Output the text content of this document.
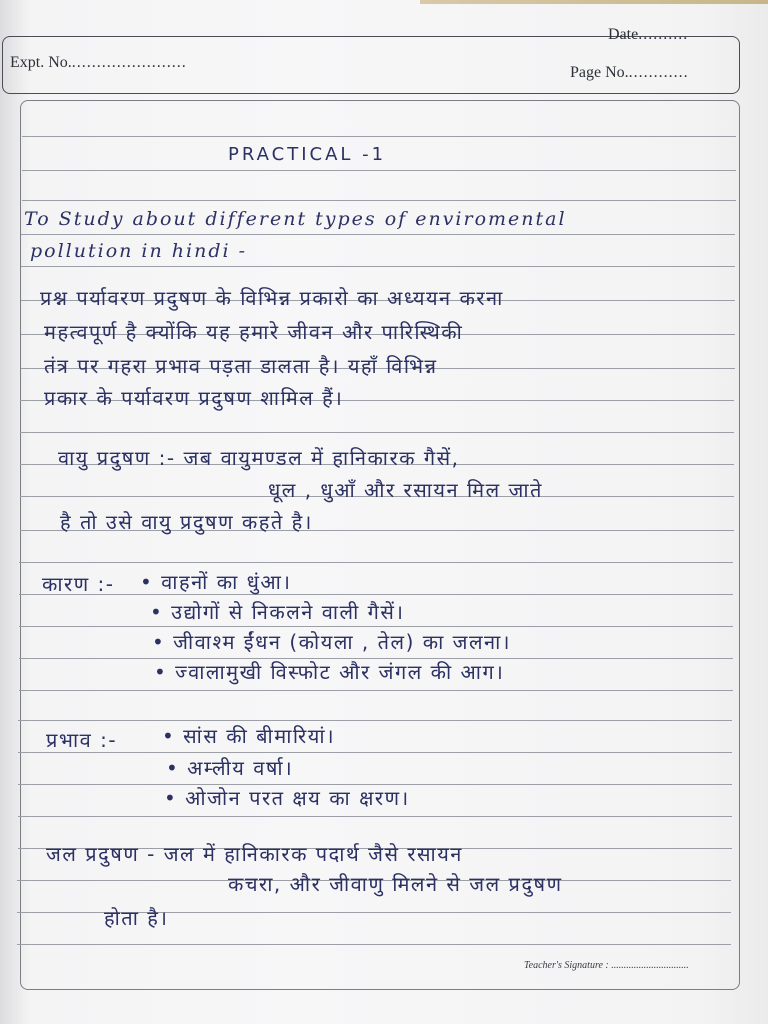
Date..........
Expt. No........................
Page No.............
PRACTICAL -1
To Study about different types of enviromental
pollution in hindi -
प्रश्न पर्यावरण प्रदुषण के विभिन्न प्रकारो का अध्ययन करना
महत्वपूर्ण है क्योंकि यह हमारे जीवन और पारिस्थिकी
तंत्र पर गहरा प्रभाव पड़ता डालता है। यहाँ विभिन्न
प्रकार के पर्यावरण प्रदुषण शामिल हैं।
वायु प्रदुषण :- जब वायुमण्डल में हानिकारक गैसें,
धूल , धुआँ और रसायन मिल जाते
है तो उसे वायु प्रदुषण कहते है।
कारण :- • वाहनों का धुंआ।
• उद्योगों से निकलने वाली गैसें।
• जीवाश्म ईंधन (कोयला , तेल) का जलना।
• ज्वालामुखी विस्फोट और जंगल की आग।
प्रभाव :- • सांस की बीमारियां।
• अम्लीय वर्षा।
• ओजोन परत क्षय का क्षरण।
जल प्रदुषण - जल में हानिकारक पदार्थ जैसे रसायन
कचरा, और जीवाणु मिलने से जल प्रदुषण
होता है।
Teacher's Signature : ...............................
